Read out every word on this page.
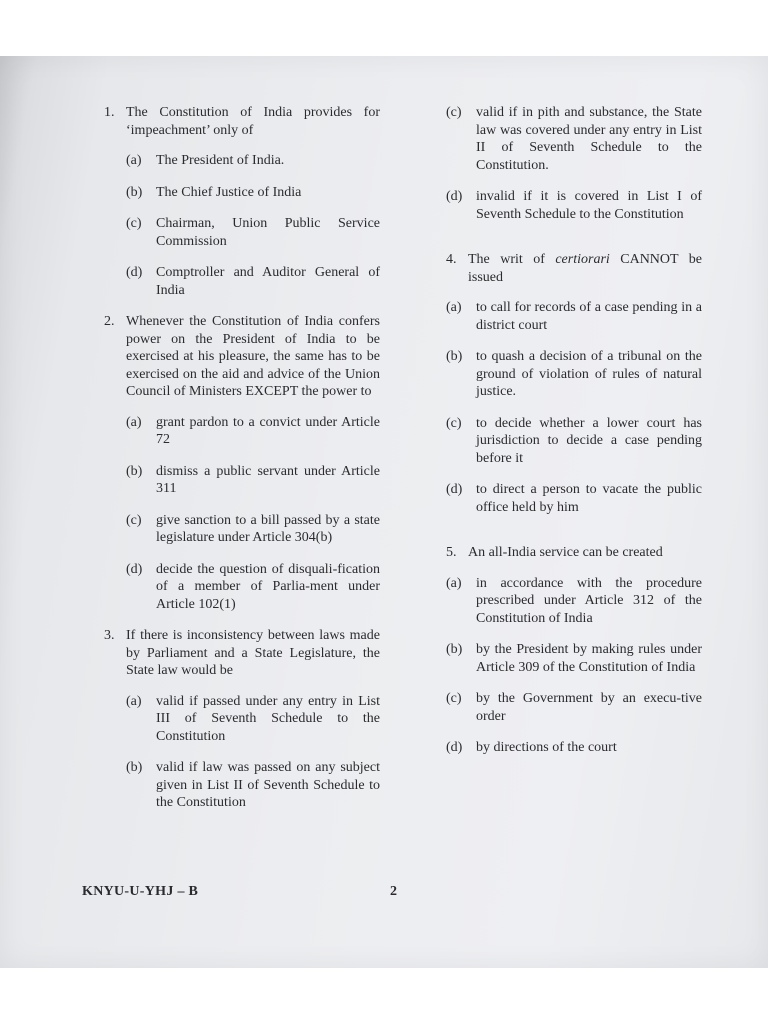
1. The Constitution of India provides for ‘impeachment’ only of
(a) The President of India.
(b) The Chief Justice of India
(c) Chairman, Union Public Service Commission
(d) Comptroller and Auditor General of India
2. Whenever the Constitution of India confers power on the President of India to be exercised at his pleasure, the same has to be exercised on the aid and advice of the Union Council of Ministers EXCEPT the power to
(a) grant pardon to a convict under Article 72
(b) dismiss a public servant under Article 311
(c) give sanction to a bill passed by a state legislature under Article 304(b)
(d) decide the question of disquali-fication of a member of Parlia-ment under Article 102(1)
3. If there is inconsistency between laws made by Parliament and a State Legislature, the State law would be
(a) valid if passed under any entry in List III of Seventh Schedule to the Constitution
(b) valid if law was passed on any subject given in List II of Seventh Schedule to the Constitution
(c) valid if in pith and substance, the State law was covered under any entry in List II of Seventh Schedule to the Constitution.
(d) invalid if it is covered in List I of Seventh Schedule to the Constitution
4. The writ of certiorari CANNOT be issued
(a) to call for records of a case pending in a district court
(b) to quash a decision of a tribunal on the ground of violation of rules of natural justice.
(c) to decide whether a lower court has jurisdiction to decide a case pending before it
(d) to direct a person to vacate the public office held by him
5. An all-India service can be created
(a) in accordance with the procedure prescribed under Article 312 of the Constitution of India
(b) by the President by making rules under Article 309 of the Constitution of India
(c) by the Government by an execu-tive order
(d) by directions of the court
KNYU-U-YHJ – B	2
